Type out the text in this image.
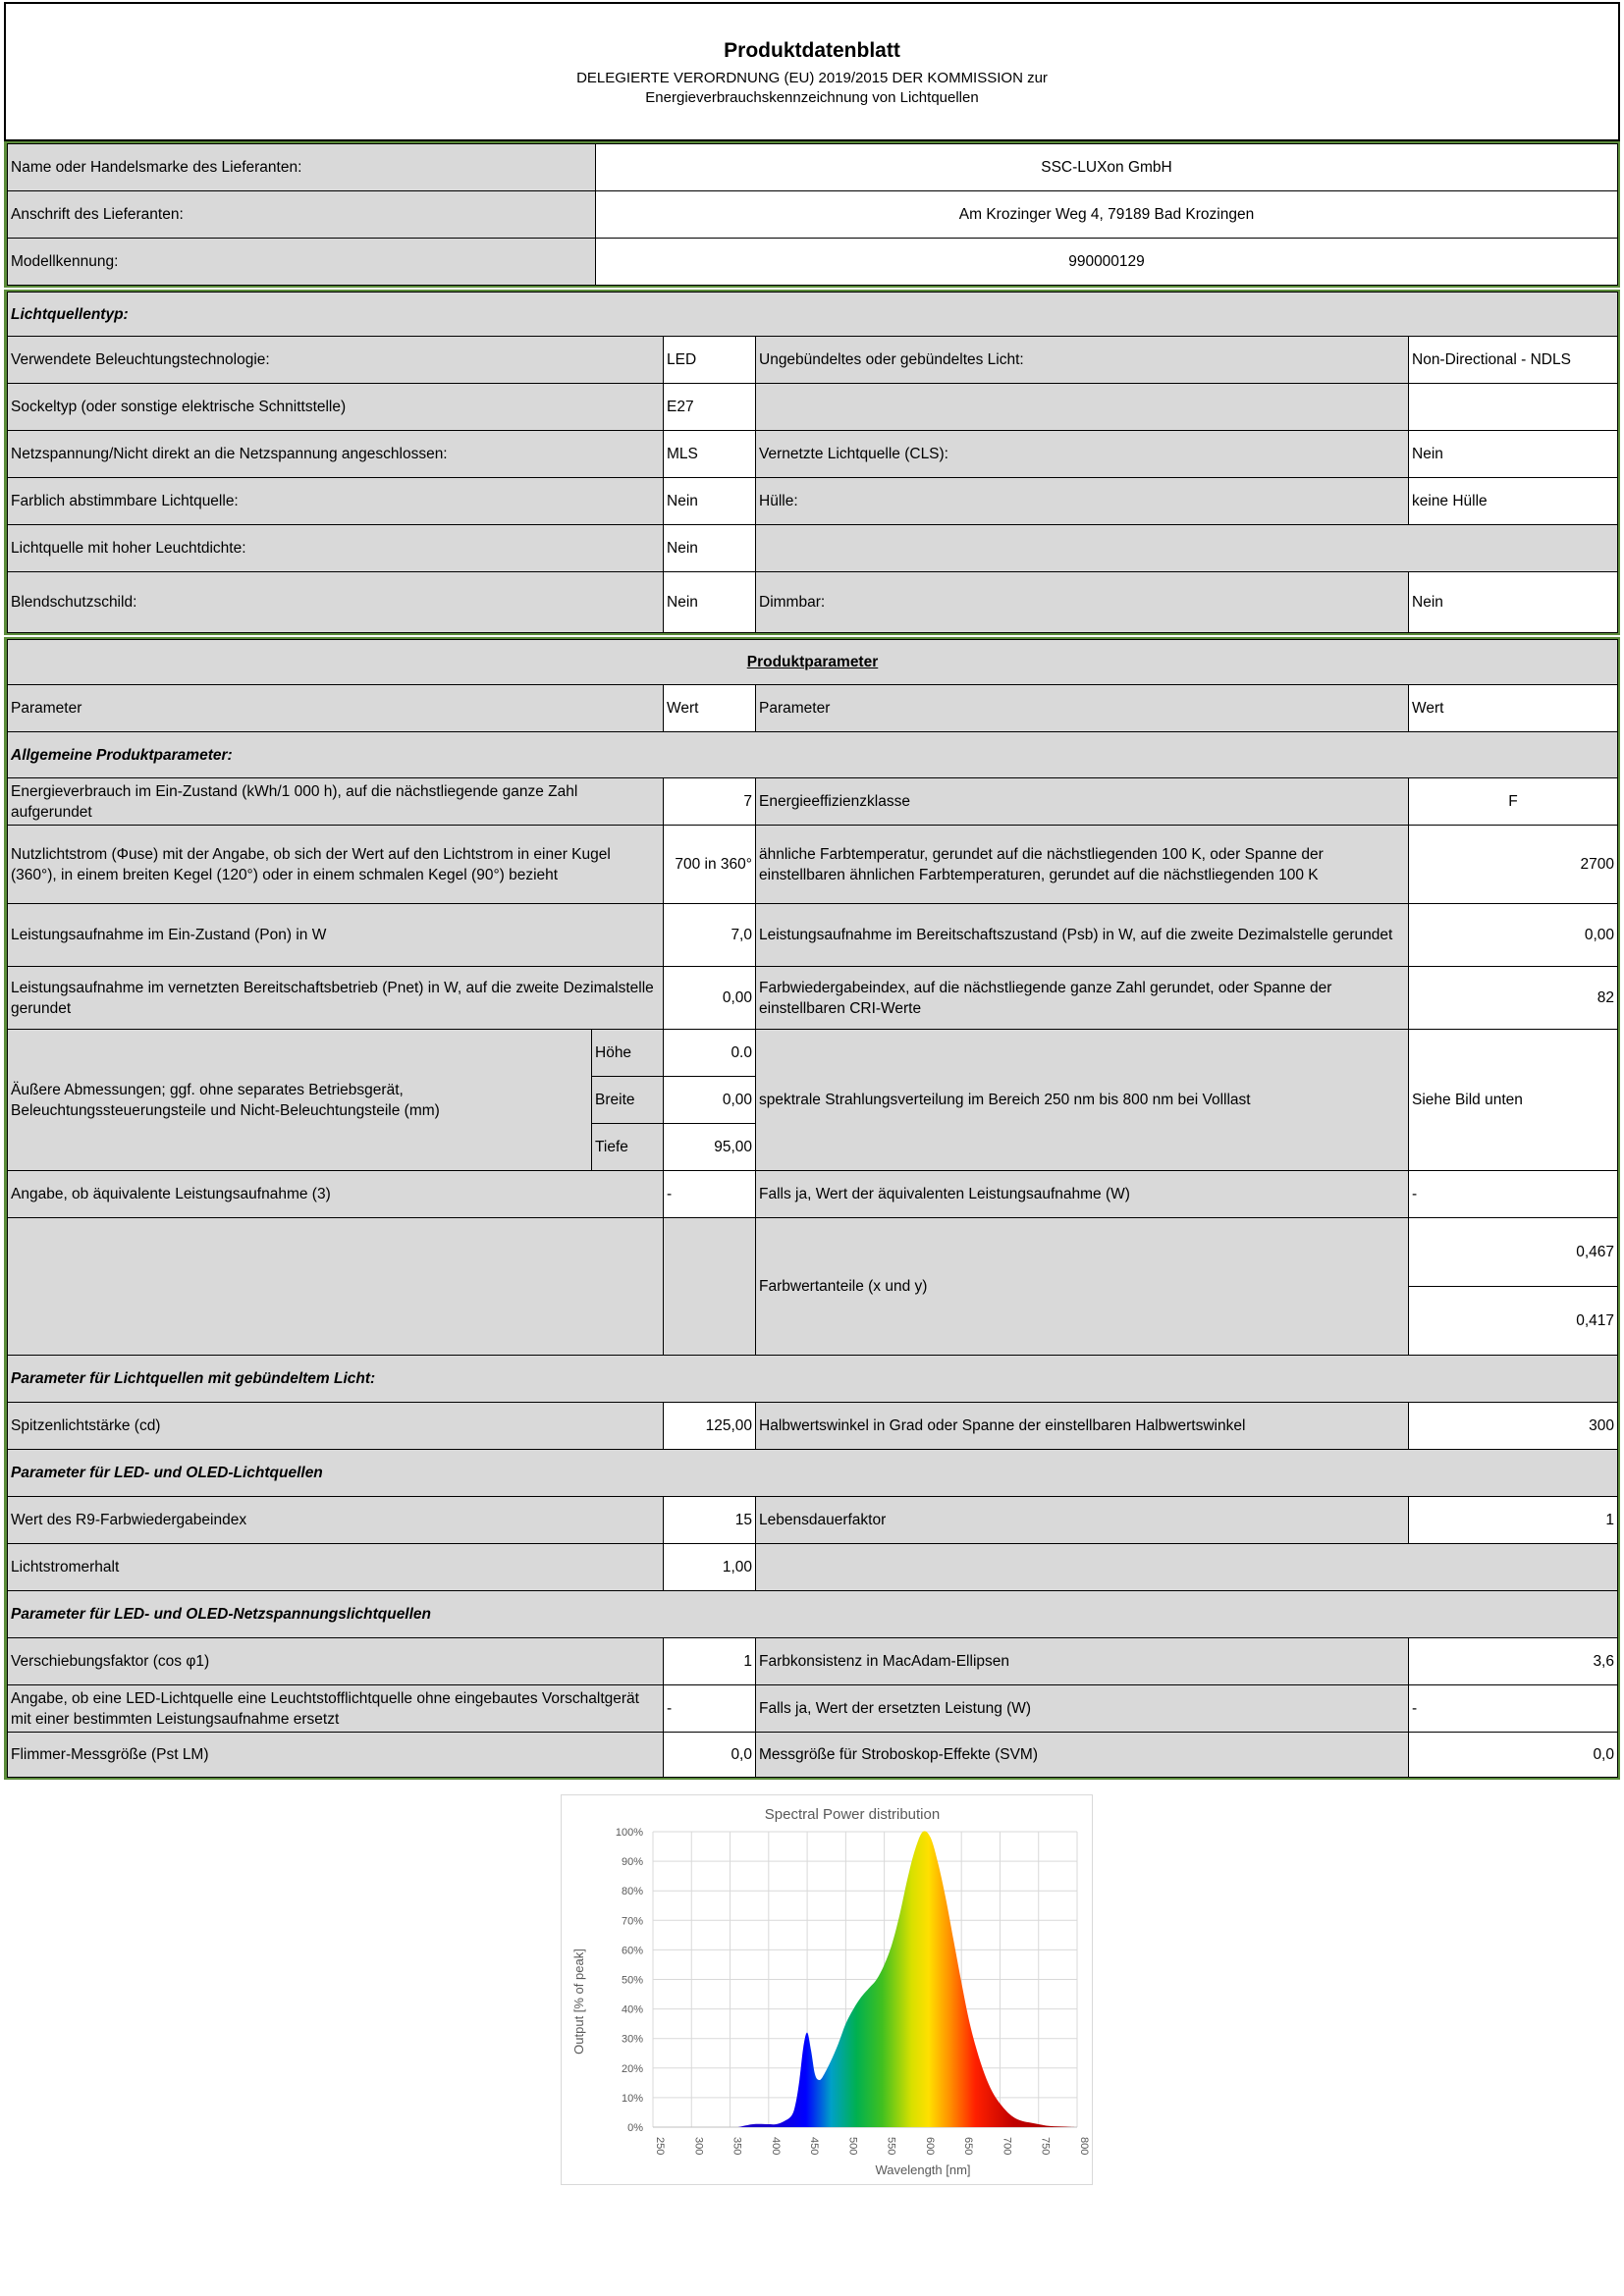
Produktdatenblatt
DELEGIERTE VERORDNUNG (EU) 2019/2015 DER KOMMISSION zur
Energieverbrauchskennzeichnung von Lichtquellen
Name oder Handelsmarke des Lieferanten:	SSC-LUXon GmbH
Anschrift des Lieferanten:	Am Krozinger Weg 4, 79189 Bad Krozingen
Modellkennung:	990000129
Lichtquellentyp:			
Verwendete Beleuchtungstechnologie:	LED	Ungebündeltes oder gebündeltes Licht:	Non-Directional - NDLS
Sockeltyp (oder sonstige elektrische Schnittstelle)	E27		
Netzspannung/Nicht direkt an die Netzspannung angeschlossen:	MLS	Vernetzte Lichtquelle (CLS):	Nein
Farblich abstimmbare Lichtquelle:	Nein	Hülle:	keine Hülle
Lichtquelle mit hoher Leuchtdichte:	Nein		
Blendschutzschild:	Nein	Dimmbar:	Nein
Produktparameter				
Parameter		Wert	Parameter	Wert
Allgemeine Produktparameter:				
Energieverbrauch im Ein-Zustand (kWh/1 000 h), auf die nächstliegende ganze Zahl aufgerundet		7	Energieeffizienzklasse	F
Nutzlichtstrom (Φuse) mit der Angabe, ob sich der Wert auf den Lichtstrom in einer Kugel (360°), in einem breiten Kegel (120°) oder in einem schmalen Kegel (90°) bezieht		700 in 360°	ähnliche Farbtemperatur, gerundet auf die nächstliegenden 100 K, oder Spanne der einstellbaren ähnlichen Farbtemperaturen, gerundet auf die nächstliegenden 100 K	2700
Leistungsaufnahme im Ein-Zustand (Pon) in W		7,0	Leistungsaufnahme im Bereitschaftszustand (Psb) in W, auf die zweite Dezimalstelle gerundet	0,00
Leistungsaufnahme im vernetzten Bereitschaftsbetrieb (Pnet) in W, auf die zweite Dezimalstelle gerundet		0,00	Farbwiedergabeindex, auf die nächstliegende ganze Zahl gerundet, oder Spanne der einstellbaren CRI-Werte	82
Äußere Abmessungen; ggf. ohne separates Betriebsgerät, Beleuchtungssteuerungsteile und Nicht-Beleuchtungsteile (mm)	Höhe	0.0	spektrale Strahlungsverteilung im Bereich 250 nm bis 800 nm bei Volllast	Siehe Bild unten
	Breite	0,00		
	Tiefe	95,00		
Angabe, ob äquivalente Leistungsaufnahme (3)		-	Falls ja, Wert der äquivalenten Leistungsaufnahme (W)	-
			Farbwertanteile (x und y)	0,467
				0,417
Parameter für Lichtquellen mit gebündeltem Licht:				
Spitzenlichtstärke (cd)		125,00	Halbwertswinkel in Grad oder Spanne der einstellbaren Halbwertswinkel	300
Parameter für LED- und OLED-Lichtquellen				
Wert des R9-Farbwiedergabeindex		15	Lebensdauerfaktor	1
Lichtstromerhalt		1,00		
Parameter für LED- und OLED-Netzspannungslichtquellen				
Verschiebungsfaktor (cos φ1)		1	Farbkonsistenz in MacAdam-Ellipsen	3,6
Angabe, ob eine LED-Lichtquelle eine Leuchtstofflichtquelle ohne eingebautes Vorschaltgerät mit einer bestimmten Leistungsaufnahme ersetzt		-	Falls ja, Wert der ersetzten Leistung (W)	-
Flimmer-Messgröße (Pst LM)		0,0	Messgröße für Stroboskop-Effekte (SVM)	0,0
Spectral Power distribution
0%
10%
20%
30%
40%
50%
60%
70%
80%
90%
100%
250 300 350 400 450 500 550 600 650 700 750 800
Wavelength [nm]
Output [% of peak]
